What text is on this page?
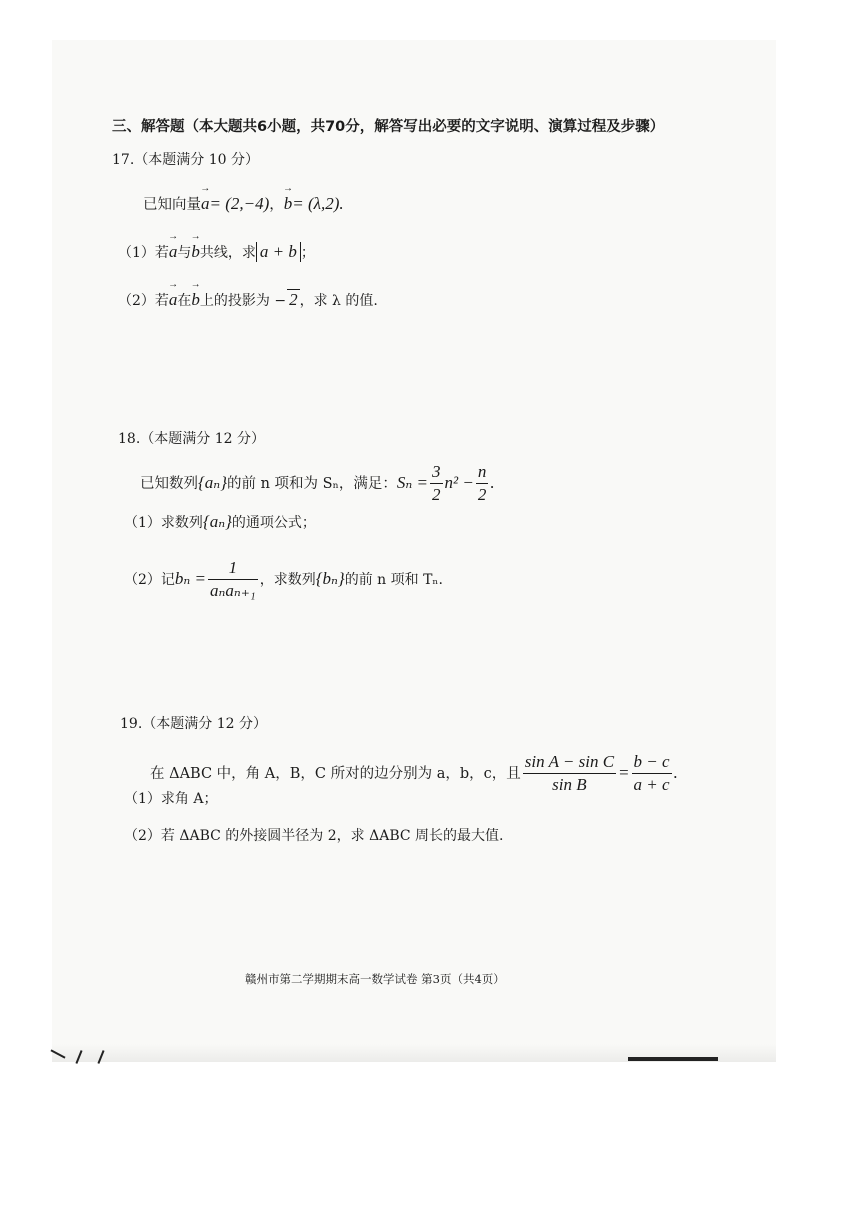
三、解答题（本大题共6小题，共70分，解答写出必要的文字说明、演算过程及步骤）
17.（本题满分 10 分）
已知向量→ a= (2,−4)，→ b= (λ,2).
（1）若→ a与→ b共线，求 a + b ；
（2）若→ a在→ b上的投影为 − 2 ，求 λ 的值.
18.（本题满分 12 分）
已知数列{aₙ}的前 n 项和为 Sₙ，满足：$S_n = \frac{3}{2} n^2 - \frac{n}{2}$ .
（1）求数列{aₙ}的通项公式；
（2）记$b_n = \frac{1}{\text{aₙaₙ₊₁}}$ ，求数列{bₙ}的前 n 项和 Tₙ.
19.（本题满分 12 分）
在 ΔABC 中，角 A，B，C 所对的边分别为 a，b，c，且 $\frac{\text{sin A − sin C}}{\text{sin B}} = \frac{b - c}{a + c}$ .
（1）求角 A；
（2）若 ΔABC 的外接圆半径为 2，求 ΔABC 周长的最大值.
赣州市第二学期期末高一数学试卷 第3页（共4页）
